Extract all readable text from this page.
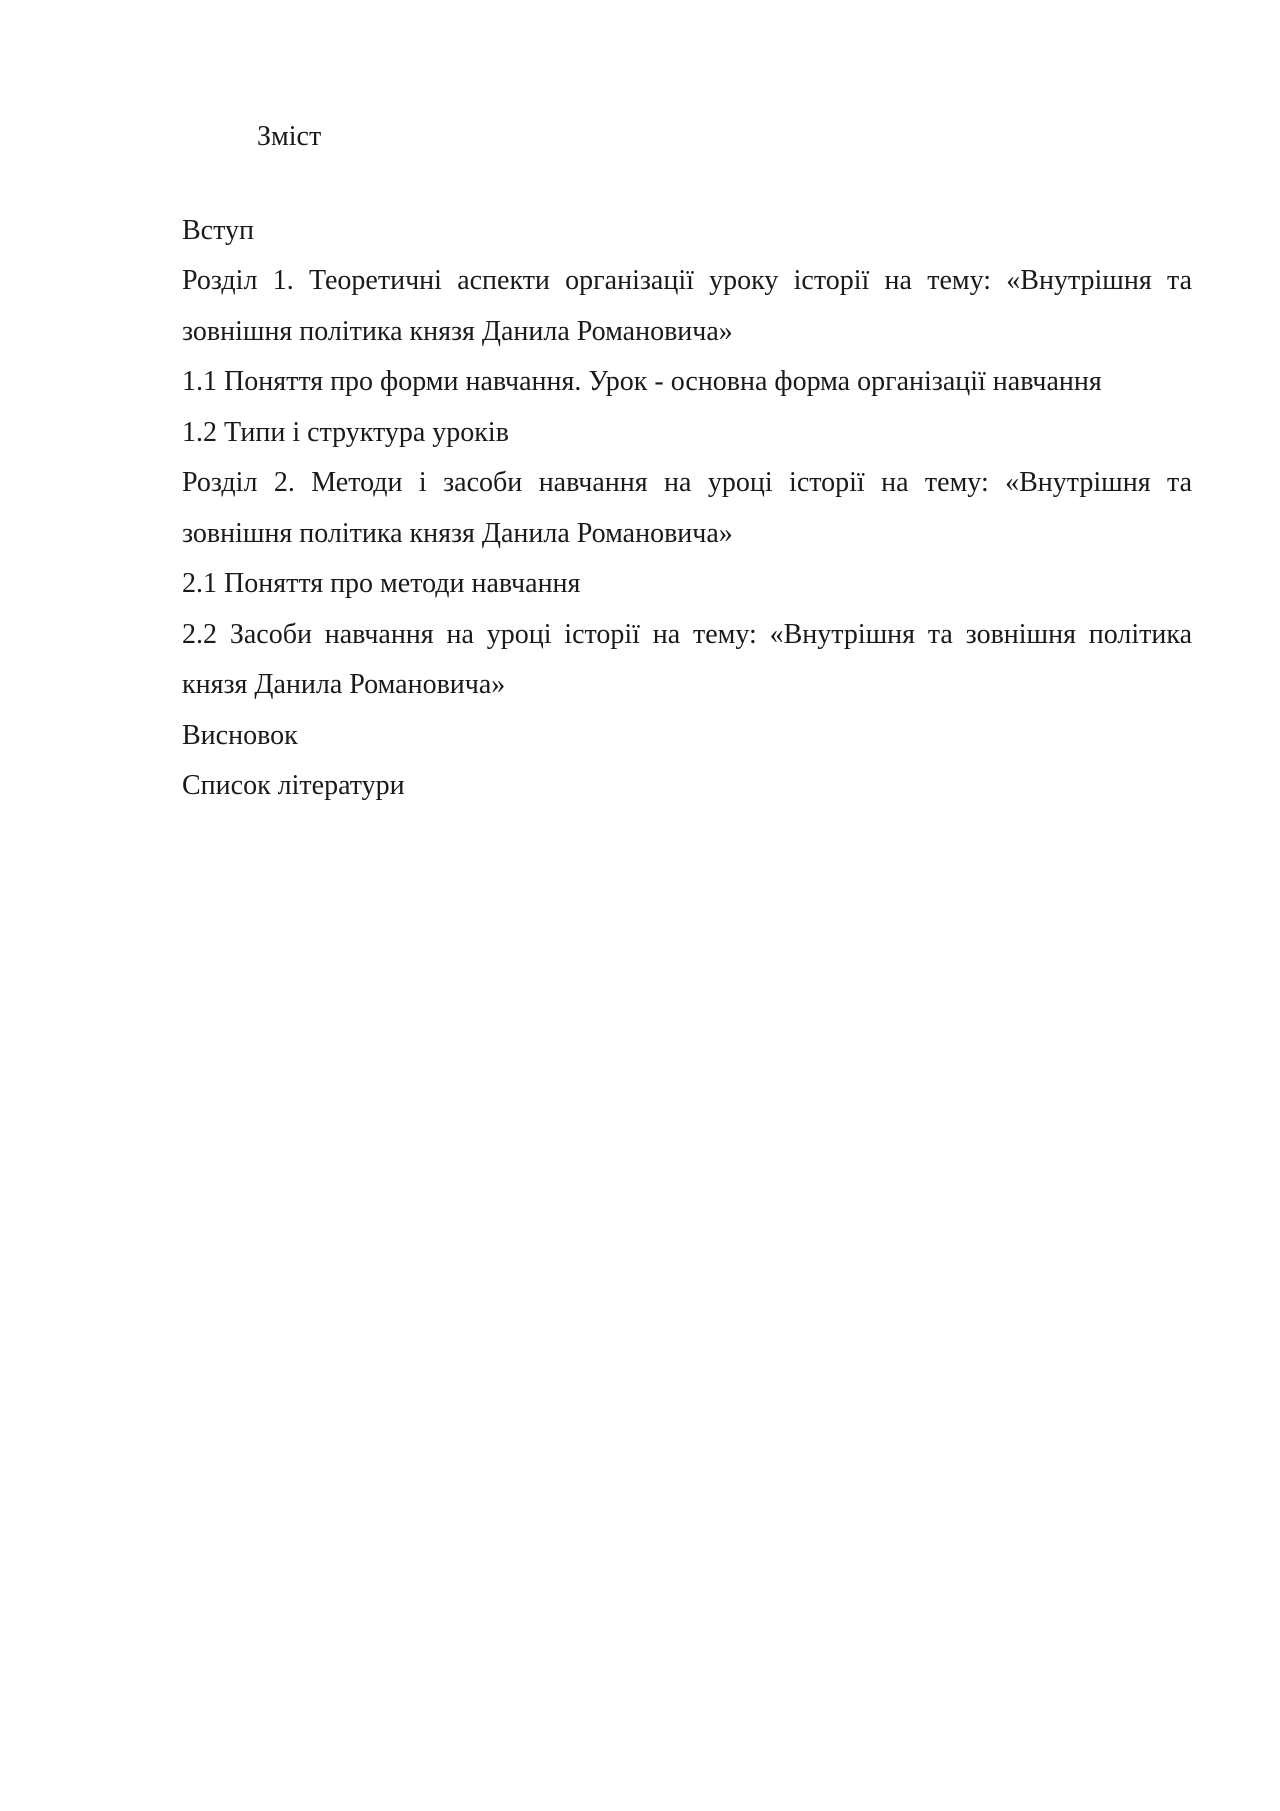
Зміст
Вступ
Розділ 1. Теоретичні аспекти організації уроку історії на тему: «Внутрішня та зовнішня політика князя Данила Романовича»
1.1 Поняття про форми навчання. Урок - основна форма організації навчання
1.2 Типи і структура уроків
Розділ 2. Методи і засоби навчання на уроці історії на тему: «Внутрішня та зовнішня політика князя Данила Романовича»
2.1 Поняття про методи навчання
2.2 Засоби навчання на уроці історії на тему: «Внутрішня та зовнішня політика князя Данила Романовича»
Висновок
Список літератури
